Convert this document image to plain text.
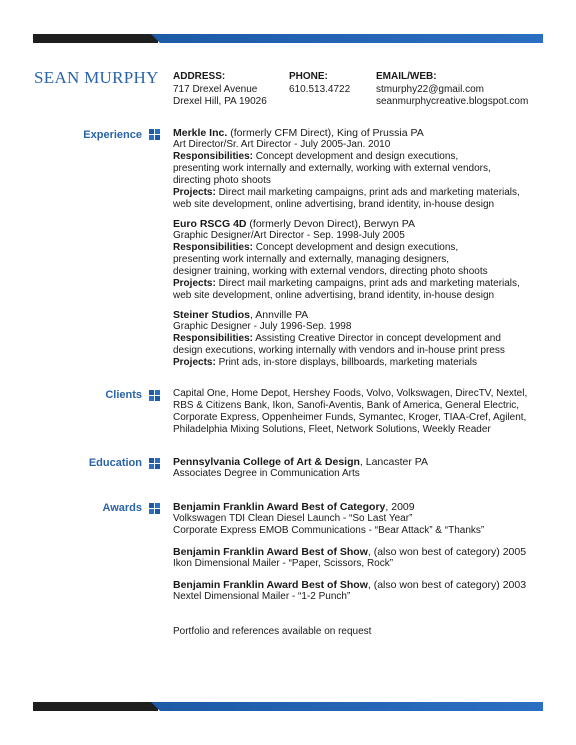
SEAN MURPHY ADDRESS:
717 Drexel Avenue
Drexel Hill, PA 19026
PHONE:
610.513.4722
EMAIL/WEB:
stmurphy22@gmail.com
seanmurphycreative.blogspot.com
Experience	Merkle Inc. (formerly CFM Direct), King of Prussia PA

Art Director/Sr. Art Director - July 2005-Jan. 2010

Responsibilities: Concept development and design executions,

presenting work internally and externally, working with external vendors,

directing photo shoots

Projects: Direct mail marketing campaigns, print ads and marketing materials,

web site development, online advertising, brand identity, in-house design

Euro RSCG 4D (formerly Devon Direct), Berwyn PA

Graphic Designer/Art Director - Sep. 1998-July 2005

Responsibilities: Concept development and design executions,

presenting work internally and externally, managing designers,

designer training, working with external vendors, directing photo shoots

Projects: Direct mail marketing campaigns, print ads and marketing materials,

web site development, online advertising, brand identity, in-house design

Steiner Studios, Annville PA

Graphic Designer - July 1996-Sep. 1998

Responsibilities: Assisting Creative Director in concept development and

design executions, working internally with vendors and in-house print press

Projects: Print ads, in-store displays, billboards, marketing materials

Clients	Capital One, Home Depot, Hershey Foods, Volvo, Volkswagen, DirecTV, Nextel,

RBS & Citizens Bank, Ikon, Sanofi-Aventis, Bank of America, General Electric,

Corporate Express, Oppenheimer Funds, Symantec, Kroger, TIAA-Cref, Agilent,

Philadelphia Mixing Solutions, Fleet, Network Solutions, Weekly Reader

Education	Pennsylvania College of Art & Design, Lancaster PA

Associates Degree in Communication Arts

Awards	Benjamin Franklin Award Best of Category, 2009

Volkswagen TDI Clean Diesel Launch - “So Last Year”

Corporate Express EMOB Communications - “Bear Attack” & “Thanks”

Benjamin Franklin Award Best of Show, (also won best of category) 2005

Ikon Dimensional Mailer - “Paper, Scissors, Rock”

Benjamin Franklin Award Best of Show, (also won best of category) 2003

Nextel Dimensional Mailer - “1-2 Punch”

Portfolio and references available on request
